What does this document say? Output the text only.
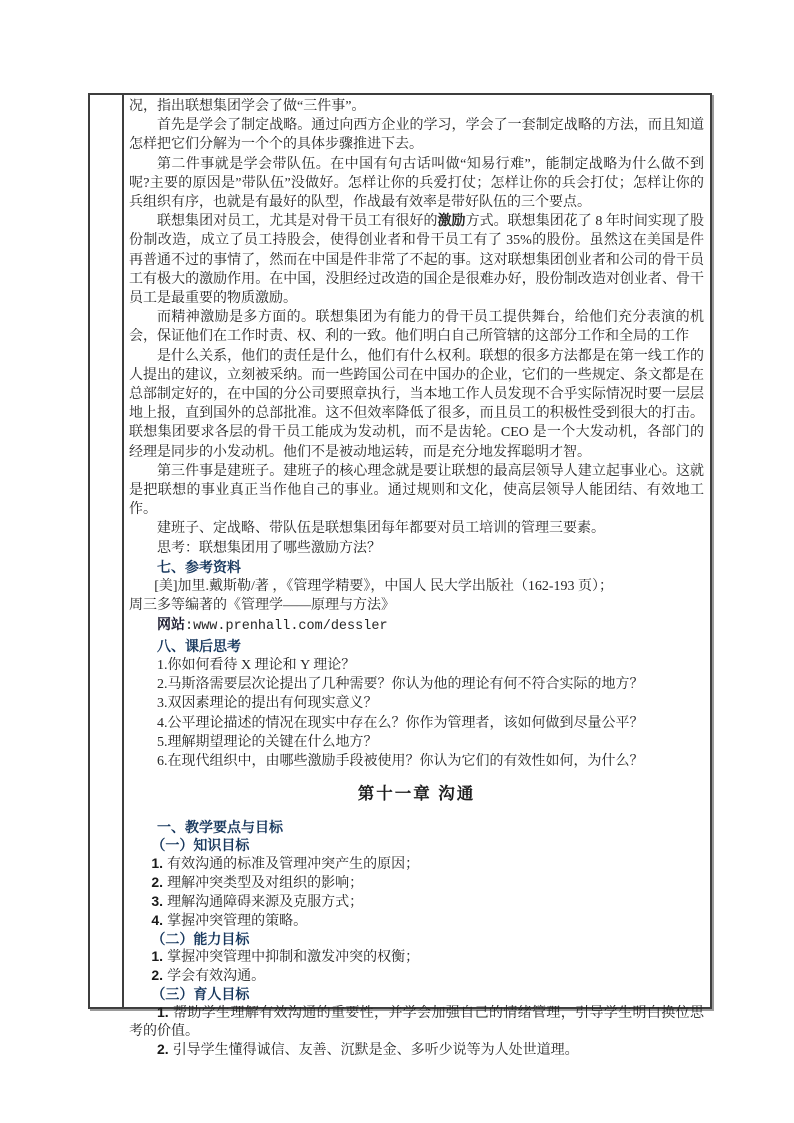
况，指出联想集团学会了做“三件事”。

首先是学会了制定战略。通过向西方企业的学习，学会了一套制定战略的方法，而且知道怎样把它们分解为一个个的具体步骤推进下去。

第二件事就是学会带队伍。在中国有句古话叫做“知易行难”，能制定战略为什么做不到呢?主要的原因是”带队伍”没做好。怎样让你的兵爱打仗；怎样让你的兵会打仗；怎样让你的兵组织有序，也就是有最好的队型，作战最有效率是带好队伍的三个要点。

联想集团对员工，尤其是对骨干员工有很好的激励方式。联想集团花了 8 年时间实现了股份制改造，成立了员工持股会，使得创业者和骨干员工有了 35%的股份。虽然这在美国是件再普通不过的事情了，然而在中国是件非常了不起的事。这对联想集团创业者和公司的骨干员工有极大的激励作用。在中国，没胆经过改造的国企是很难办好，股份制改造对创业者、骨干员工是最重要的物质激励。

而精神激励是多方面的。联想集团为有能力的骨干员工提供舞台，给他们充分表演的机会，保证他们在工作时责、权、利的一致。他们明白自己所管辖的这部分工作和全局的工作

是什么关系，他们的责任是什么，他们有什么权利。联想的很多方法都是在第一线工作的人提出的建议，立刻被采纳。而一些跨国公司在中国办的企业，它们的一些规定、条文都是在总部制定好的，在中国的分公司要照章执行，当本地工作人员发现不合乎实际情况时要一层层地上报，直到国外的总部批准。这不但效率降低了很多，而且员工的积极性受到很大的打击。联想集团要求各层的骨干员工能成为发动机，而不是齿轮。CEO 是一个大发动机，各部门的经理是同步的小发动机。他们不是被动地运转，而是充分地发挥聪明才智。

第三件事是建班子。建班子的核心理念就是要让联想的最高层领导人建立起事业心。这就是把联想的事业真正当作他自己的事业。通过规则和文化，使高层领导人能团结、有效地工作。

建班子、定战略、带队伍是联想集团每年都要对员工培训的管理三要素。

思考：联想集团用了哪些激励方法？

七、参考资料

[美]加里.戴斯勒/著 ，《管理学精要》，中国人 民大学出版社（162-193 页）；

周三多等编著的《管理学——原理与方法》

网站:www.prenhall.com/dessler

八、课后思考

1.你如何看待 X 理论和 Y 理论？

2.马斯洛需要层次论提出了几种需要？你认为他的理论有何不符合实际的地方？

3.双因素理论的提出有何现实意义？

4.公平理论描述的情况在现实中存在么？你作为管理者，该如何做到尽量公平？

5.理解期望理论的关键在什么地方？

6.在现代组织中，由哪些激励手段被使用？你认为它们的有效性如何，为什么？

第十一章 沟通

一、教学要点与目标

（一）知识目标

1. 有效沟通的标准及管理冲突产生的原因；

2. 理解冲突类型及对组织的影响；

3. 理解沟通障碍来源及克服方式；

4. 掌握冲突管理的策略。

（二）能力目标

1. 掌握冲突管理中抑制和激发冲突的权衡；

2. 学会有效沟通。

（三）育人目标

1. 帮助学生理解有效沟通的重要性，并学会加强自己的情绪管理，引导学生明白换位思考的价值。

2. 引导学生懂得诚信、友善、沉默是金、多听少说等为人处世道理。
